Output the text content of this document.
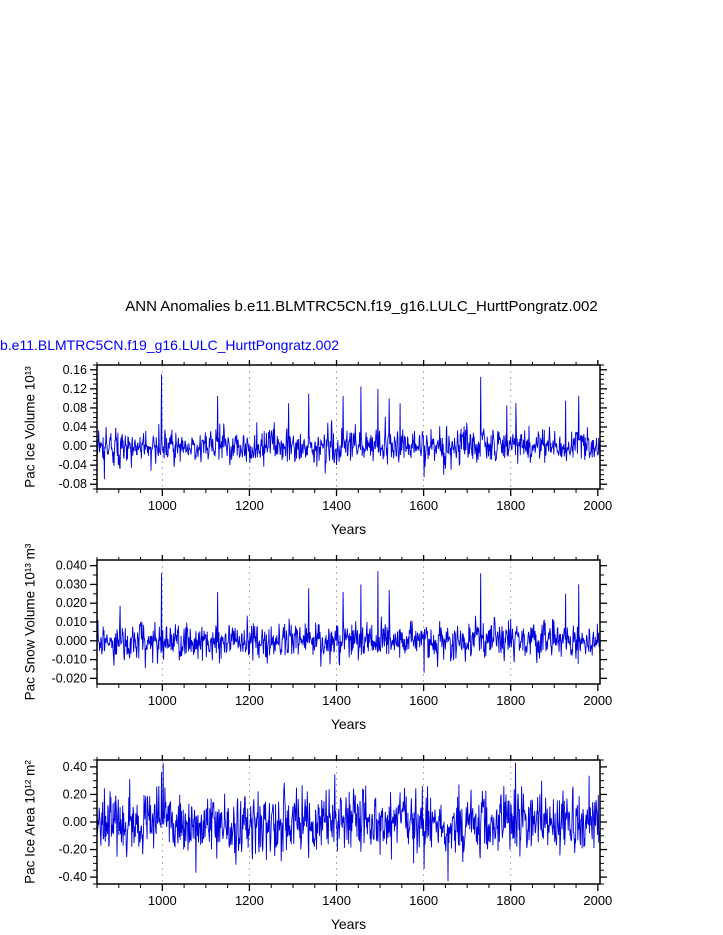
ANN Anomalies b.e11.BLMTRC5CN.f19_g16.LULC_HurttPongratz.002
b.e11.BLMTRC5CN.f19_g16.LULC_HurttPongratz.002
Pac Ice Volume 10¹³
1000	1200	1400	1600	1800	2000
0.16
0.12
0.08
0.04
0.00
-0.04
-0.08
Years
Pac Snow Volume 10¹³ m³
1000	1200	1400	1600	1800	2000
0.040
0.030
0.020
0.010
0.000
-0.010
-0.020
Years
Pac Ice Area 10¹² m²
1000	1200	1400	1600	1800	2000
0.40
0.20
0.00
-0.20
-0.40
Years
